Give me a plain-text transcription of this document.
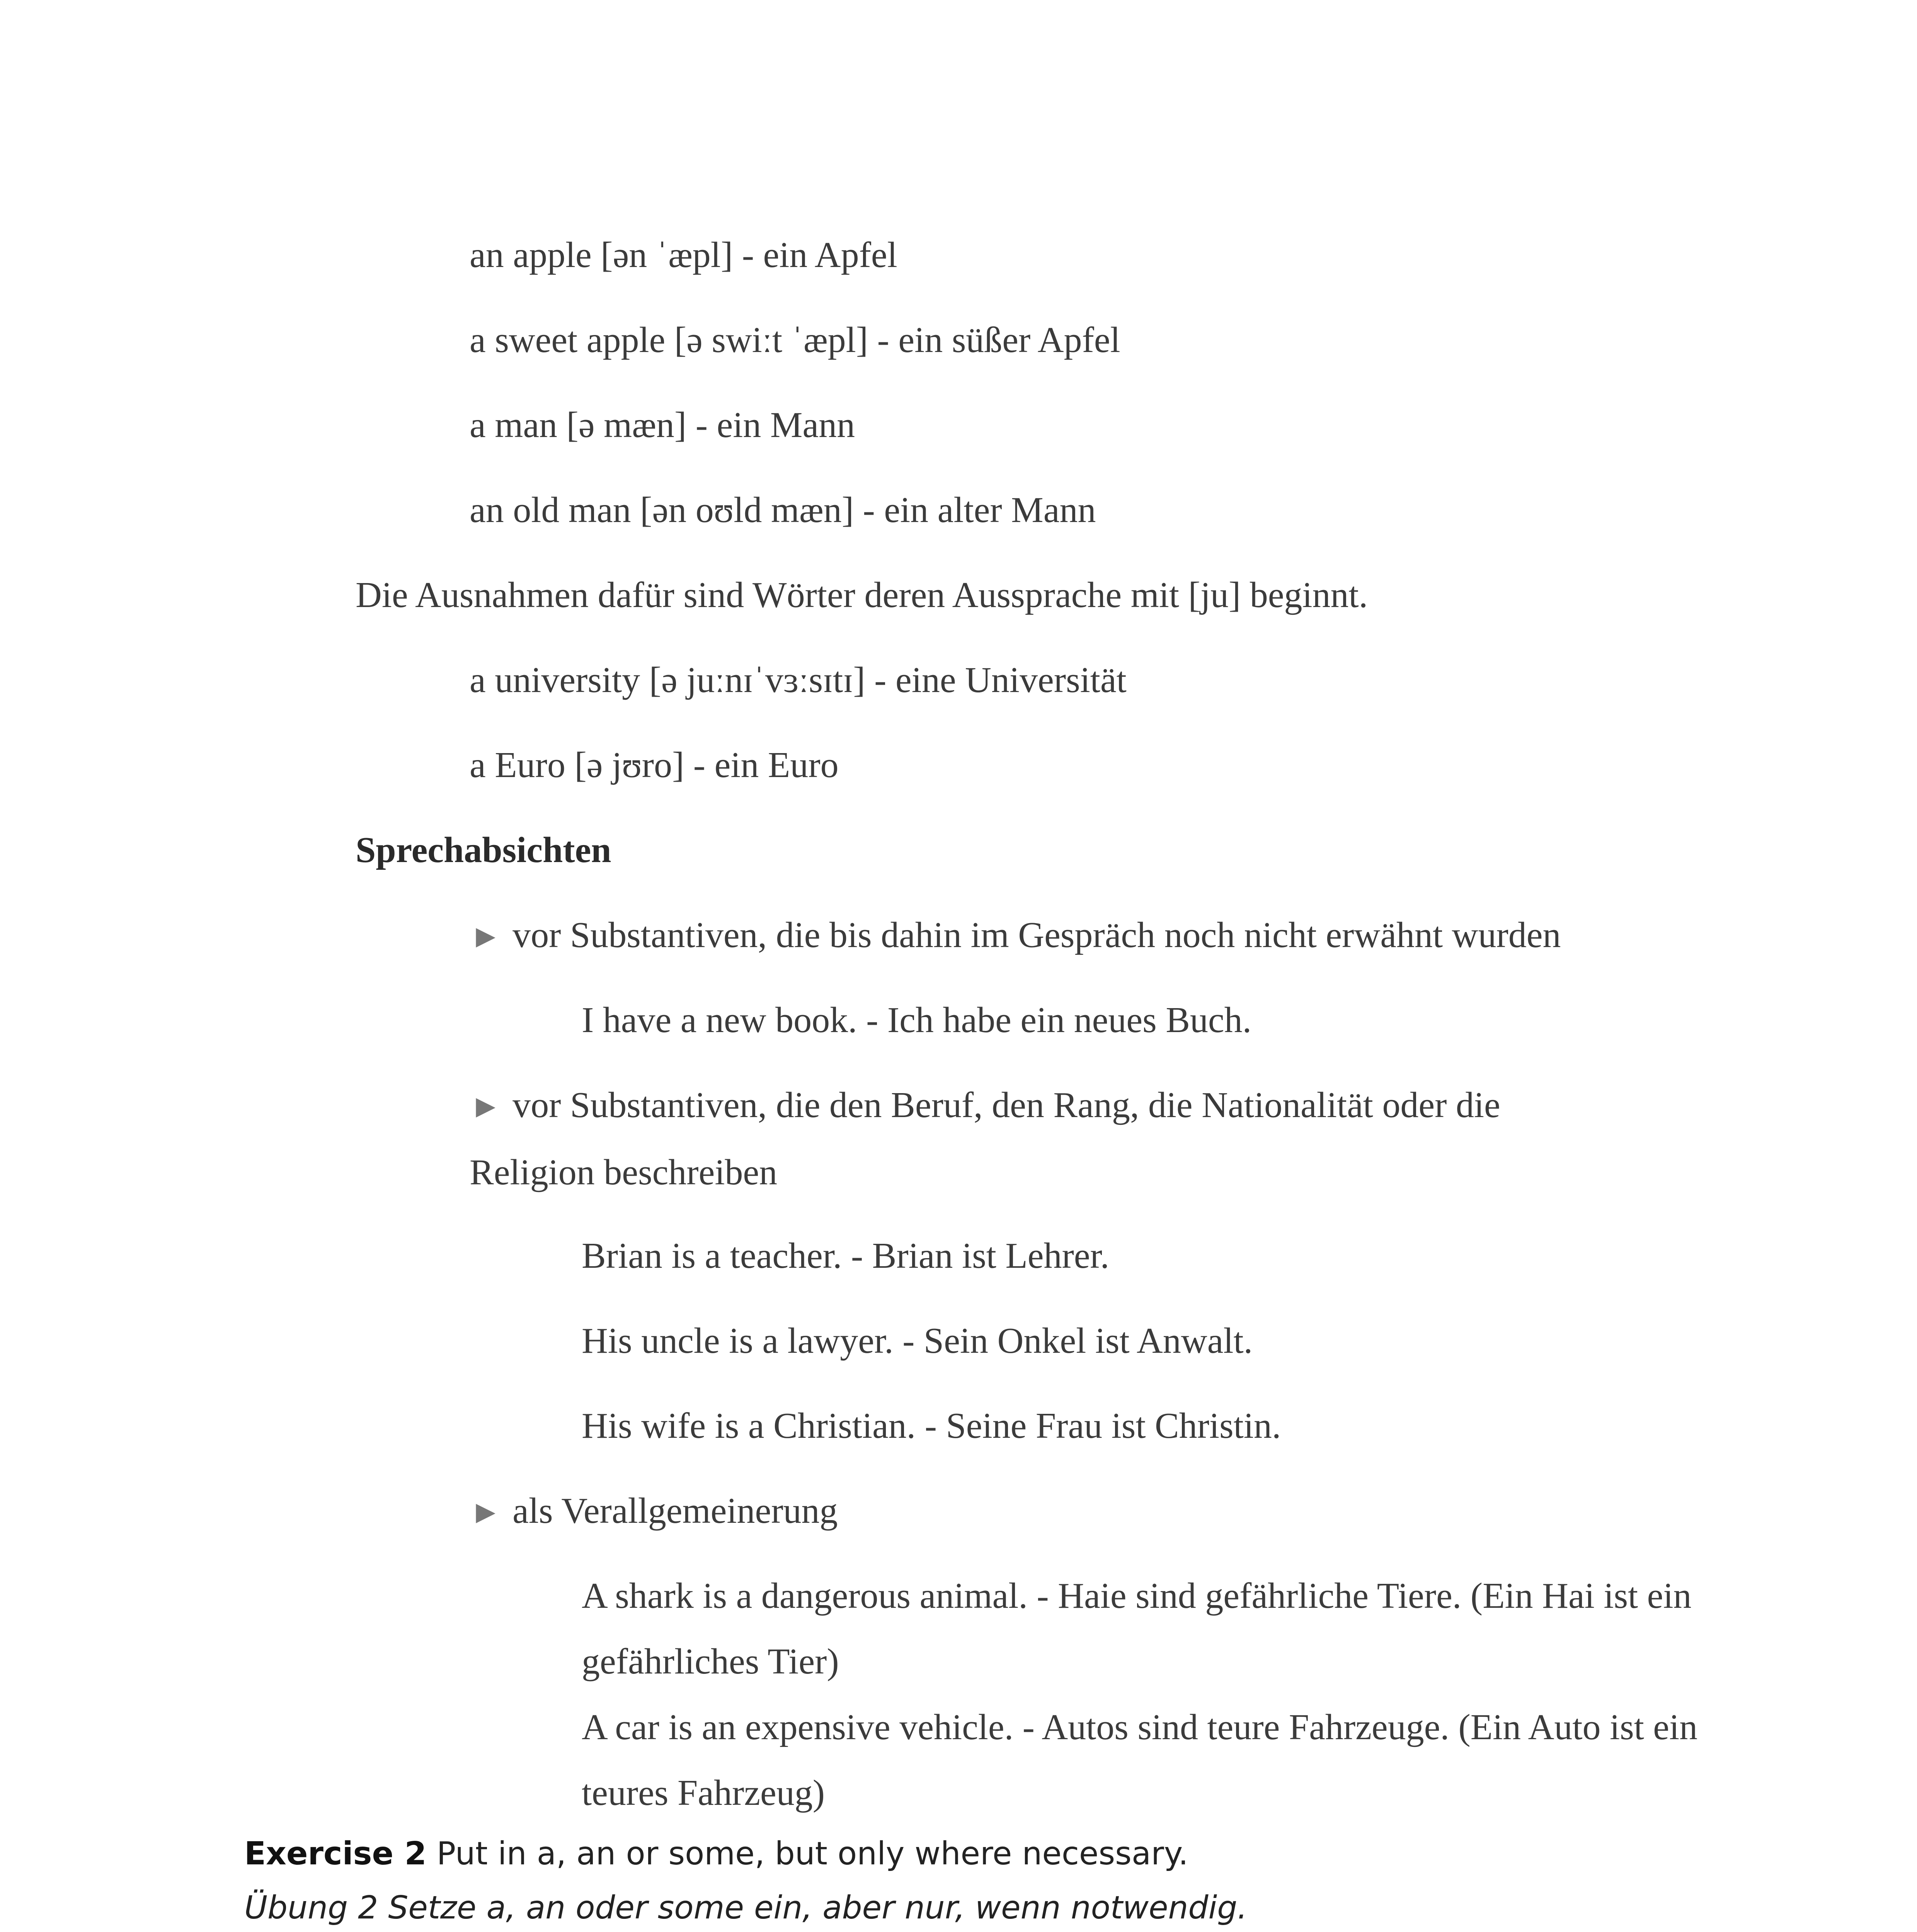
an apple [ən ˈæpl] - ein Apfel
a sweet apple [ə swiːt ˈæpl] - ein süßer Apfel
a man [ə mæn] - ein Mann
an old man [ən oʊld mæn] - ein alter Mann
Die Ausnahmen dafür sind Wörter deren Aussprache mit [ju] beginnt.
a university [ə juːnɪˈvɜːsɪtɪ] - eine Universität
a Euro [ə jʊro] - ein Euro
Sprechabsichten
► vor Substantiven, die bis dahin im Gespräch noch nicht erwähnt wurden
I have a new book. - Ich habe ein neues Buch.
► vor Substantiven, die den Beruf, den Rang, die Nationalität oder die Religion beschreiben
Brian is a teacher. - Brian ist Lehrer.
His uncle is a lawyer. - Sein Onkel ist Anwalt.
His wife is a Christian. - Seine Frau ist Christin.
► als Verallgemeinerung
A shark is a dangerous animal. - Haie sind gefährliche Tiere. (Ein Hai ist ein gefährliches Tier)
A car is an expensive vehicle. - Autos sind teure Fahrzeuge. (Ein Auto ist ein teures Fahrzeug)
Exercise 2 Put in a, an or some, but only where necessary.
Übung 2 Setze a, an oder some ein, aber nur, wenn notwendig.
